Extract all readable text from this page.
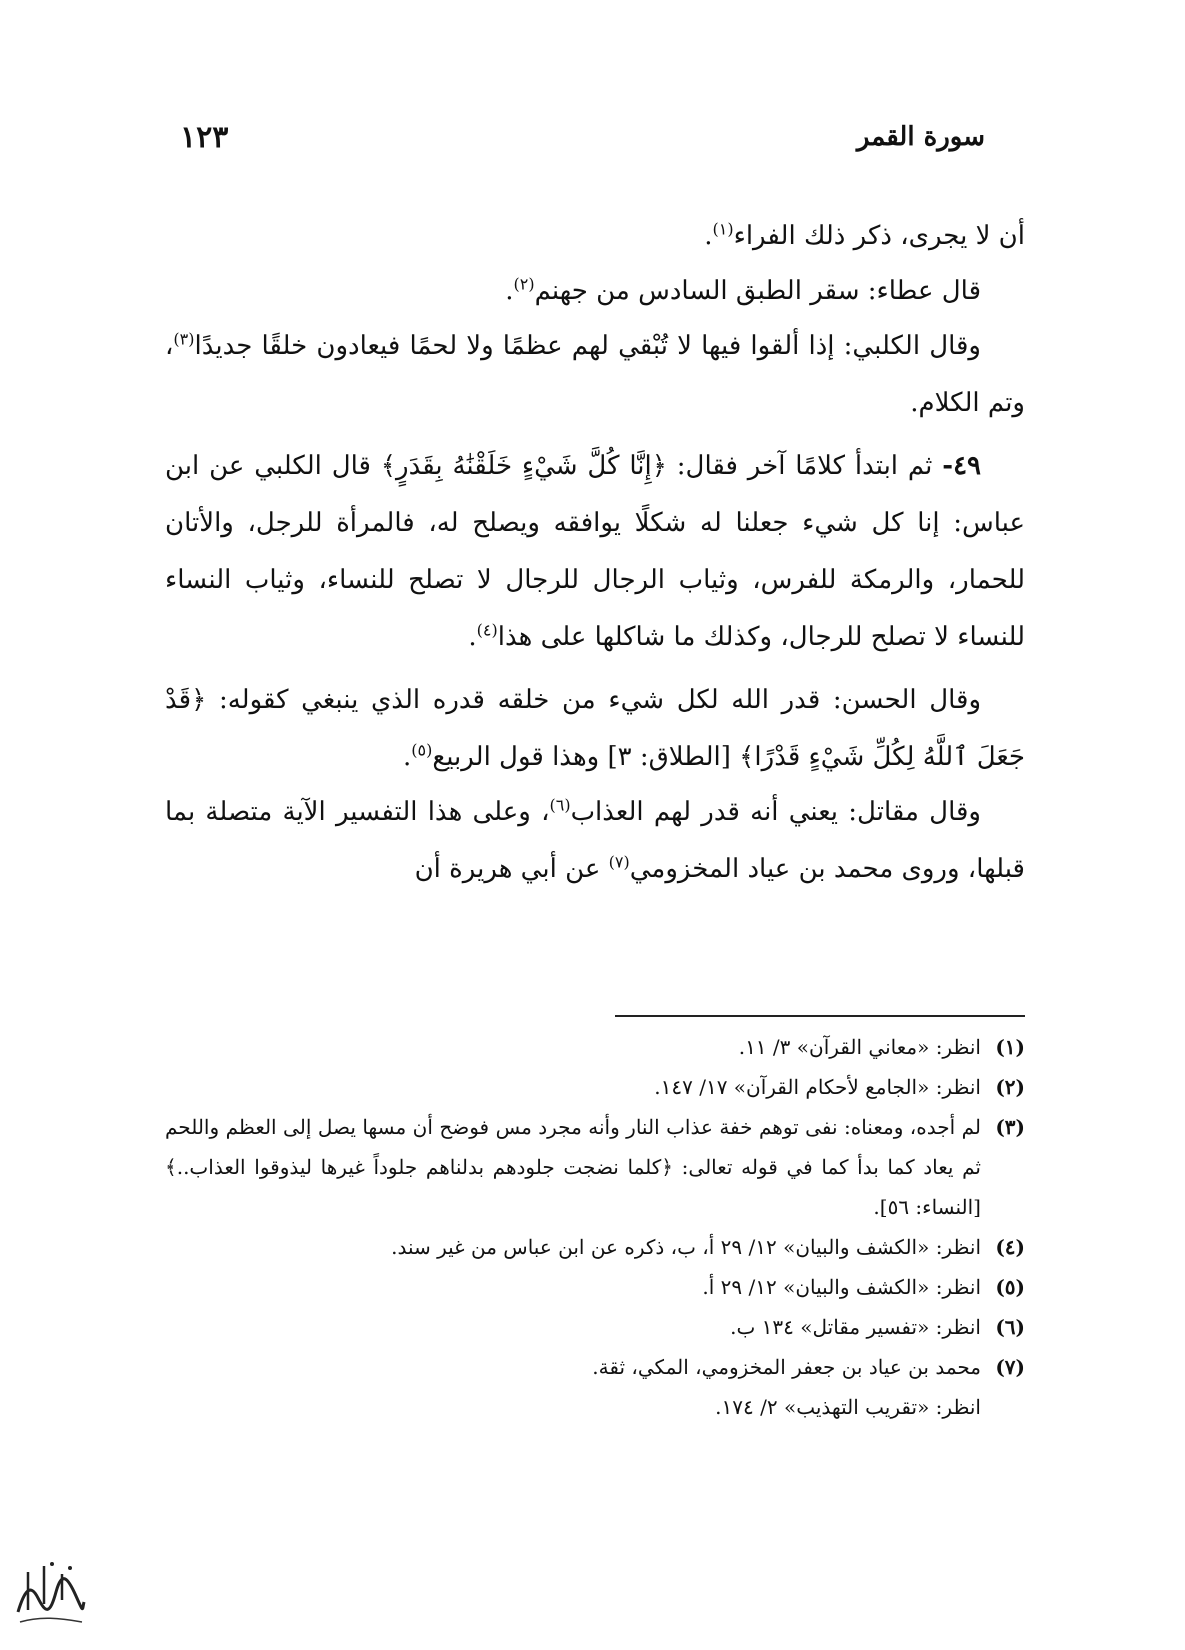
سورة القمر
١٢٣

أن لا يجرى، ذكر ذلك الفراء$^{(١)}$.

قال عطاء: سقر الطبق السادس من جهنم$^{(٢)}$.

وقال الكلبي: إذا ألقوا فيها لا تُبْقي لهم عظمًا ولا لحمًا فيعادون خلقًا جديدًا$^{(٣)}$، وتم الكلام.

٤٩- ثم ابتدأ كلامًا آخر فقال: ﴿إِنَّا كُلَّ شَيْءٍ خَلَقْنَٰهُ بِقَدَرٍ﴾ قال الكلبي عن ابن عباس: إنا كل شيء جعلنا له شكلًا يوافقه ويصلح له، فالمرأة للرجل، والأتان للحمار، والرمكة للفرس، وثياب الرجال للرجال لا تصلح للنساء، وثياب النساء للنساء لا تصلح للرجال، وكذلك ما شاكلها على هذا$^{(٤)}$.

وقال الحسن: قدر الله لكل شيء من خلقه قدره الذي ينبغي كقوله: ﴿قَدْ جَعَلَ ٱللَّهُ لِكُلِّ شَيْءٍ قَدْرًا﴾ [الطلاق: ٣] وهذا قول الربيع$^{(٥)}$.

وقال مقاتل: يعني أنه قدر لهم العذاب$^{(٦)}$، وعلى هذا التفسير الآية متصلة بما قبلها، وروى محمد بن عياد المخزومي$^{(٧)}$ عن أبي هريرة أن

(١)
انظر: «معاني القرآن» ٣/ ١١.
(٢)
انظر: «الجامع لأحكام القرآن» ١٧/ ١٤٧.
(٣)
لم أجده، ومعناه: نفى توهم خفة عذاب النار وأنه مجرد مس فوضح أن مسها يصل إلى العظم واللحم ثم يعاد كما بدأ كما في قوله تعالى: ﴿كلما نضجت جلودهم بدلناهم جلوداً غيرها ليذوقوا العذاب..﴾ [النساء: ٥٦].
(٤)
انظر: «الكشف والبيان» ١٢/ ٢٩ أ، ب، ذكره عن ابن عباس من غير سند.
(٥)
انظر: «الكشف والبيان» ١٢/ ٢٩ أ.
(٦)
انظر: «تفسير مقاتل» ١٣٤ ب.
(٧)
محمد بن عياد بن جعفر المخزومي، المكي، ثقة.
انظر: «تقريب التهذيب» ٢/ ١٧٤.
